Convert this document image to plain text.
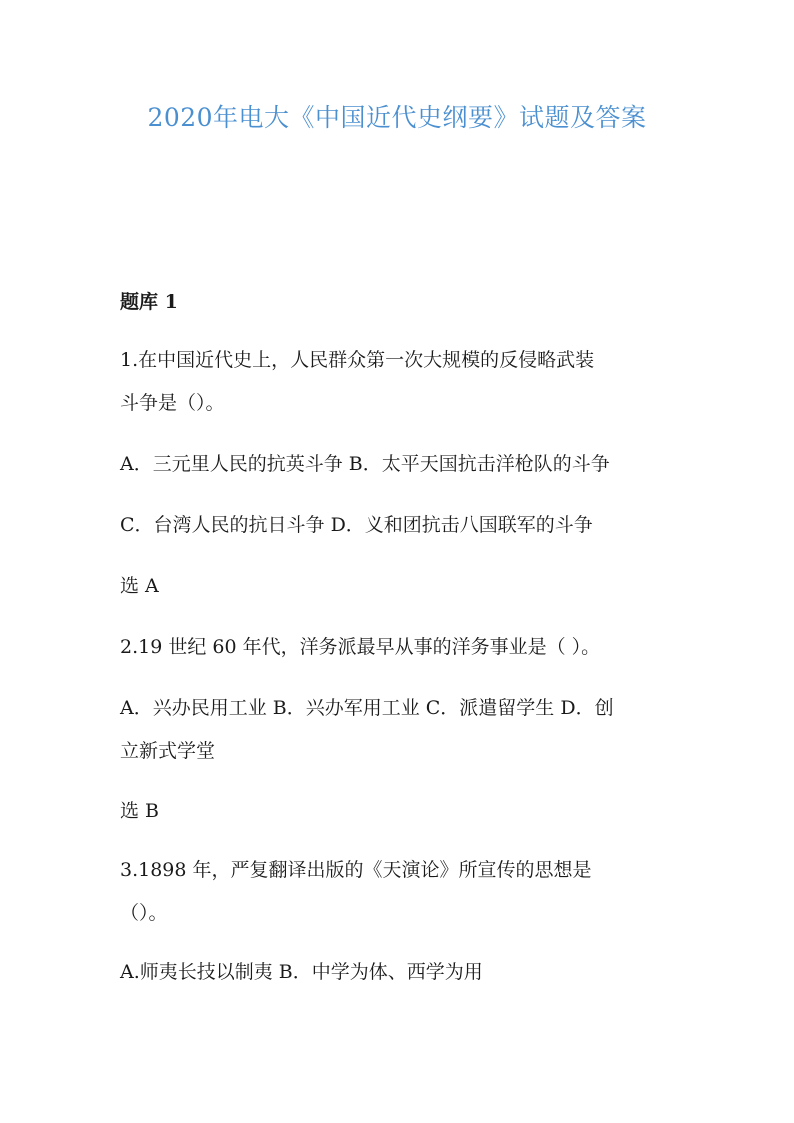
2020年电大《中国近代史纲要》试题及答案
题库 1
1.在中国近代史上，人民群众第一次大规模的反侵略武装
斗争是（）。
A．三元里人民的抗英斗争 B．太平天国抗击洋枪队的斗争
C．台湾人民的抗日斗争 D．义和团抗击八国联军的斗争
选 A
2.19 世纪 60 年代，洋务派最早从事的洋务事业是（ ）。
A．兴办民用工业 B．兴办军用工业 C．派遣留学生 D．创
立新式学堂
选 B
3.1898 年，严复翻译出版的《天演论》所宣传的思想是
（）。
A.师夷长技以制夷 B．中学为体、西学为用
